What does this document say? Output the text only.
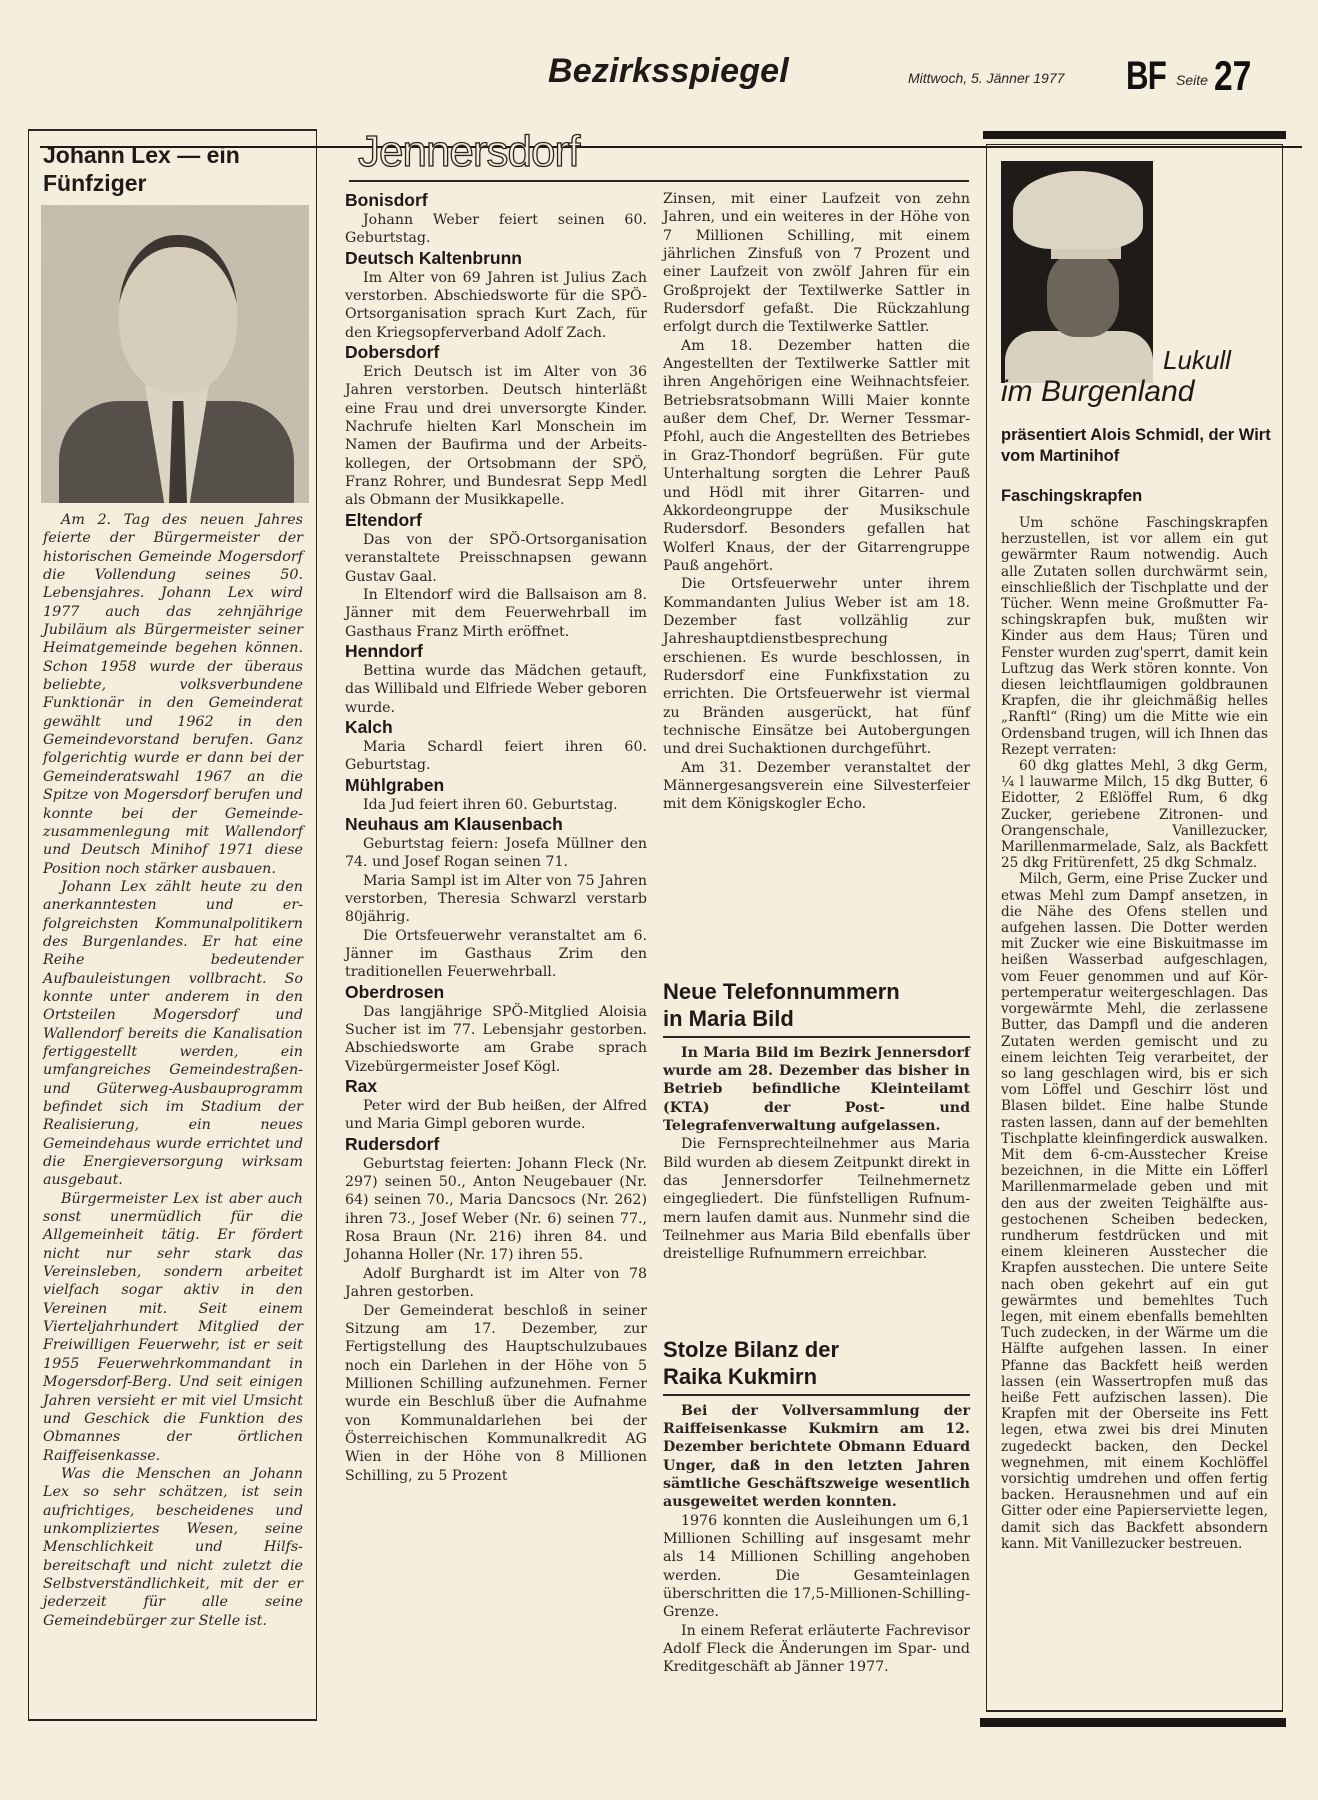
Bezirksspiegel	Mittwoch, 5. Jänner 1977 BF Seite 27
Johann Lex — ein Fünfziger

Am 2. Tag des neuen Jahres feierte der Bürgermeister der historischen Gemeinde Mogersdorf die Vollendung seines 50. Lebensjahres. Johann Lex wird 1977 auch das zehnjährige Jubiläum als Bürgermeister seiner Heimatgemeinde begehen können. Schon 1958 wurde der überaus beliebte, volksverbundene Funktionär in den Gemeinderat gewählt und 1962 in den Gemeindevorstand berufen. Ganz folgerichtig wurde er dann bei der Gemeinderatswahl 1967 an die Spitze von Mogersdorf berufen und konnte bei der Gemeindezusammenlegung mit Wallendorf und Deutsch Minihof 1971 diese Position noch stärker ausbauen.

Johann Lex zählt heute zu den anerkanntesten und erfolgreichsten Kommunalpolitikern des Burgenlandes. Er hat eine Reihe bedeutender Aufbauleistungen vollbracht. So konnte unter anderem in den Ortsteilen Mogersdorf und Wallendorf bereits die Kanalisation fertiggestellt werden, ein umfangreiches Gemeindestraßen- und Güterweg-Ausbauprogramm befindet sich im Stadium der Realisierung, ein neues Gemeindehaus wurde errichtet und die Energieversorgung wirksam ausgebaut.

Bürgermeister Lex ist aber auch sonst unermüdlich für die Allgemeinheit tätig. Er fördert nicht nur sehr stark das Vereinsleben, sondern arbeitet vielfach sogar aktiv in den Vereinen mit. Seit einem Vierteljahrhundert Mitglied der Freiwilligen Feuerwehr, ist er seit 1955 Feuerwehrkommandant in Mogersdorf-Berg. Und seit einigen Jahren versieht er mit viel Umsicht und Geschick die Funktion des Obmannes der örtlichen Raiffeisenkasse.

Was die Menschen an Johann Lex so sehr schätzen, ist sein aufrichtiges, bescheidenes und unkompliziertes Wesen, seine Menschlichkeit und Hilfsbereitschaft und nicht zuletzt die Selbstverständlichkeit, mit der er jederzeit für alle seine Gemeindebürger zur Stelle ist.

Jennersdorf
Bonisdorf

Johann Weber feiert seinen 60. Geburtstag.

Deutsch Kaltenbrunn

Im Alter von 69 Jahren ist Julius Zach verstorben. Abschiedsworte für die SPÖ-Ortsorganisation sprach Kurt Zach, für den Kriegsopferverband Adolf Zach.

Dobersdorf

Erich Deutsch ist im Alter von 36 Jahren verstorben. Deutsch hinterläßt eine Frau und drei unversorgte Kinder. Nachrufe hielten Karl Monschein im Namen der Baufirma und der Arbeitskollegen, der Ortsobmann der SPÖ, Franz Rohrer, und Bundesrat Sepp Medl als Obmann der Musikkapelle.

Eltendorf

Das von der SPÖ-Ortsorganisation veranstaltete Preisschnapsen gewann Gustav Gaal.

In Eltendorf wird die Ballsaison am 8. Jänner mit dem Feuerwehrball im Gasthaus Franz Mirth eröffnet.

Henndorf

Bettina wurde das Mädchen getauft, das Willibald und Elfriede Weber geboren wurde.

Kalch

Maria Schardl feiert ihren 60. Geburtstag.

Mühlgraben

Ida Jud feiert ihren 60. Geburtstag.

Neuhaus am Klausenbach

Geburtstag feiern: Josefa Müllner den 74. und Josef Rogan seinen 71.

Maria Sampl ist im Alter von 75 Jahren verstorben, Theresia Schwarzl verstarb 80jährig.

Die Ortsfeuerwehr veranstaltet am 6. Jänner im Gasthaus Zrim den traditionellen Feuerwehrball.

Oberdrosen

Das langjährige SPÖ-Mitglied Aloisia Sucher ist im 77. Lebensjahr gestorben. Abschiedsworte am Grabe sprach Vizebürgermeister Josef Kögl.

Rax

Peter wird der Bub heißen, der Alfred und Maria Gimpl geboren wurde.

Rudersdorf

Geburtstag feierten: Johann Fleck (Nr. 297) seinen 50., Anton Neugebauer (Nr. 64) seinen 70., Maria Dancsocs (Nr. 262) ihren 73., Josef Weber (Nr. 6) seinen 77., Rosa Braun (Nr. 216) ihren 84. und Johanna Holler (Nr. 17) ihren 55.

Adolf Burghardt ist im Alter von 78 Jahren gestorben.

Der Gemeinderat beschloß in seiner Sitzung am 17. Dezember, zur Fertigstellung des Hauptschulzubaues noch ein Darlehen in der Höhe von 5 Millionen Schilling aufzunehmen. Ferner wurde ein Beschluß über die Aufnahme von Kommunaldarlehen bei der Österreichischen Kommunalkredit AG Wien in der Höhe von 8 Millionen Schilling, zu 5 Prozent

Zinsen, mit einer Laufzeit von zehn Jahren, und ein weiteres in der Höhe von 7 Millionen Schilling, mit einem jährlichen Zinsfuß von 7 Prozent und einer Laufzeit von zwölf Jahren für ein Großprojekt der Textilwerke Sattler in Rudersdorf gefaßt. Die Rückzahlung erfolgt durch die Textilwerke Sattler.

Am 18. Dezember hatten die Angestellten der Textilwerke Sattler mit ihren Angehörigen eine Weihnachtsfeier. Betriebsratsobmann Willi Maier konnte außer dem Chef, Dr. Werner Tessmar-Pfohl, auch die Angestellten des Betriebes in Graz-Thondorf begrüßen. Für gute Unterhaltung sorgten die Lehrer Pauß und Hödl mit ihrer Gitarren- und Akkordeongruppe der Musikschule Rudersdorf. Besonders gefallen hat Wolferl Knaus, der der Gitarrengruppe Pauß angehört.

Die Ortsfeuerwehr unter ihrem Kommandanten Julius Weber ist am 18. Dezember fast vollzählig zur Jahreshauptdienstbesprechung erschienen. Es wurde beschlossen, in Rudersdorf eine Funkfixstation zu errichten. Die Ortsfeuerwehr ist viermal zu Bränden ausgerückt, hat fünf technische Einsätze bei Autobergungen und drei Suchaktionen durchgeführt.

Am 31. Dezember veranstaltet der Männergesangsverein eine Silvesterfeier mit dem Königskogler Echo.

Neue Telefonnummern
in Maria Bild

In Maria Bild im Bezirk Jennersdorf wurde am 28. Dezember das bisher in Betrieb befindliche Kleinteilamt (KTA) der Post- und Telegrafenverwaltung aufgelassen.

Die Fernsprechteilnehmer aus Maria Bild wurden ab diesem Zeitpunkt direkt in das Jennersdorfer Teilnehmernetz eingegliedert. Die fünfstelligen Rufnummern laufen damit aus. Nunmehr sind die Teilnehmer aus Maria Bild ebenfalls über dreistellige Rufnummern erreichbar.

Stolze Bilanz der
Raika Kukmirn

Bei der Vollversammlung der Raiffeisenkasse Kukmirn am 12. Dezember berichtete Obmann Eduard Unger, daß in den letzten Jahren sämtliche Geschäftszweige wesentlich ausgeweitet werden konnten.

1976 konnten die Ausleihungen um 6,1 Millionen Schilling auf insgesamt mehr als 14 Millionen Schilling angehoben werden. Die Gesamteinlagen überschritten die 17,5-Millionen-Schilling-Grenze.

In einem Referat erläuterte Fachrevisor Adolf Fleck die Änderungen im Spar- und Kreditgeschäft ab Jänner 1977.

Lukull
im Burgenland
präsentiert Alois Schmidl, der Wirt vom Martinihof
Faschingskrapfen

Um schöne Faschingskrapfen herzustellen, ist vor allem ein gut gewärmter Raum notwendig. Auch alle Zutaten sollen durchwärmt sein, einschließlich der Tischplatte und der Tücher. Wenn meine Großmutter Faschingskrapfen buk, mußten wir Kinder aus dem Haus; Türen und Fenster wurden zug'sperrt, damit kein Luftzug das Werk stören konnte. Von diesen leichtflaumigen goldbraunen Krapfen, die ihr gleichmäßig helles „Ranftl“ (Ring) um die Mitte wie ein Ordensband trugen, will ich Ihnen das Rezept verraten:

60 dkg glattes Mehl, 3 dkg Germ, ¼ l lauwarme Milch, 15 dkg Butter, 6 Eidotter, 2 Eßlöffel Rum, 6 dkg Zucker, geriebene Zitronen- und Orangenschale, Vanillezucker, Marillenmarmelade, Salz, als Backfett 25 dkg Fritürenfett, 25 dkg Schmalz.

Milch, Germ, eine Prise Zucker und etwas Mehl zum Dampf ansetzen, in die Nähe des Ofens stellen und aufgehen lassen. Die Dotter werden mit Zucker wie eine Biskuitmasse im heißen Wasserbad aufgeschlagen, vom Feuer genommen und auf Körpertemperatur weitergeschlagen. Das vorgewärmte Mehl, die zerlassene Butter, das Dampfl und die anderen Zutaten werden gemischt und zu einem leichten Teig verarbeitet, der so lang geschlagen wird, bis er sich vom Löffel und Geschirr löst und Blasen bildet. Eine halbe Stunde rasten lassen, dann auf der bemehlten Tischplatte kleinfingerdick auswalken. Mit dem 6-cm-Ausstecher Kreise bezeichnen, in die Mitte ein Löfferl Marillenmarmelade geben und mit den aus der zweiten Teighälfte ausgestochenen Scheiben bedecken, rundherum festdrücken und mit einem kleineren Ausstecher die Krapfen ausstechen. Die untere Seite nach oben gekehrt auf ein gut gewärmtes und bemehltes Tuch legen, mit einem ebenfalls bemehlten Tuch zudecken, in der Wärme um die Hälfte aufgehen lassen. In einer Pfanne das Backfett heiß werden lassen (ein Wassertropfen muß das heiße Fett aufzischen lassen). Die Krapfen mit der Oberseite ins Fett legen, etwa zwei bis drei Minuten zugedeckt backen, den Deckel wegnehmen, mit einem Kochlöffel vorsichtig umdrehen und offen fertig backen. Herausnehmen und auf ein Gitter oder eine Papierserviette legen, damit sich das Backfett absondern kann. Mit Vanillezucker bestreuen.
